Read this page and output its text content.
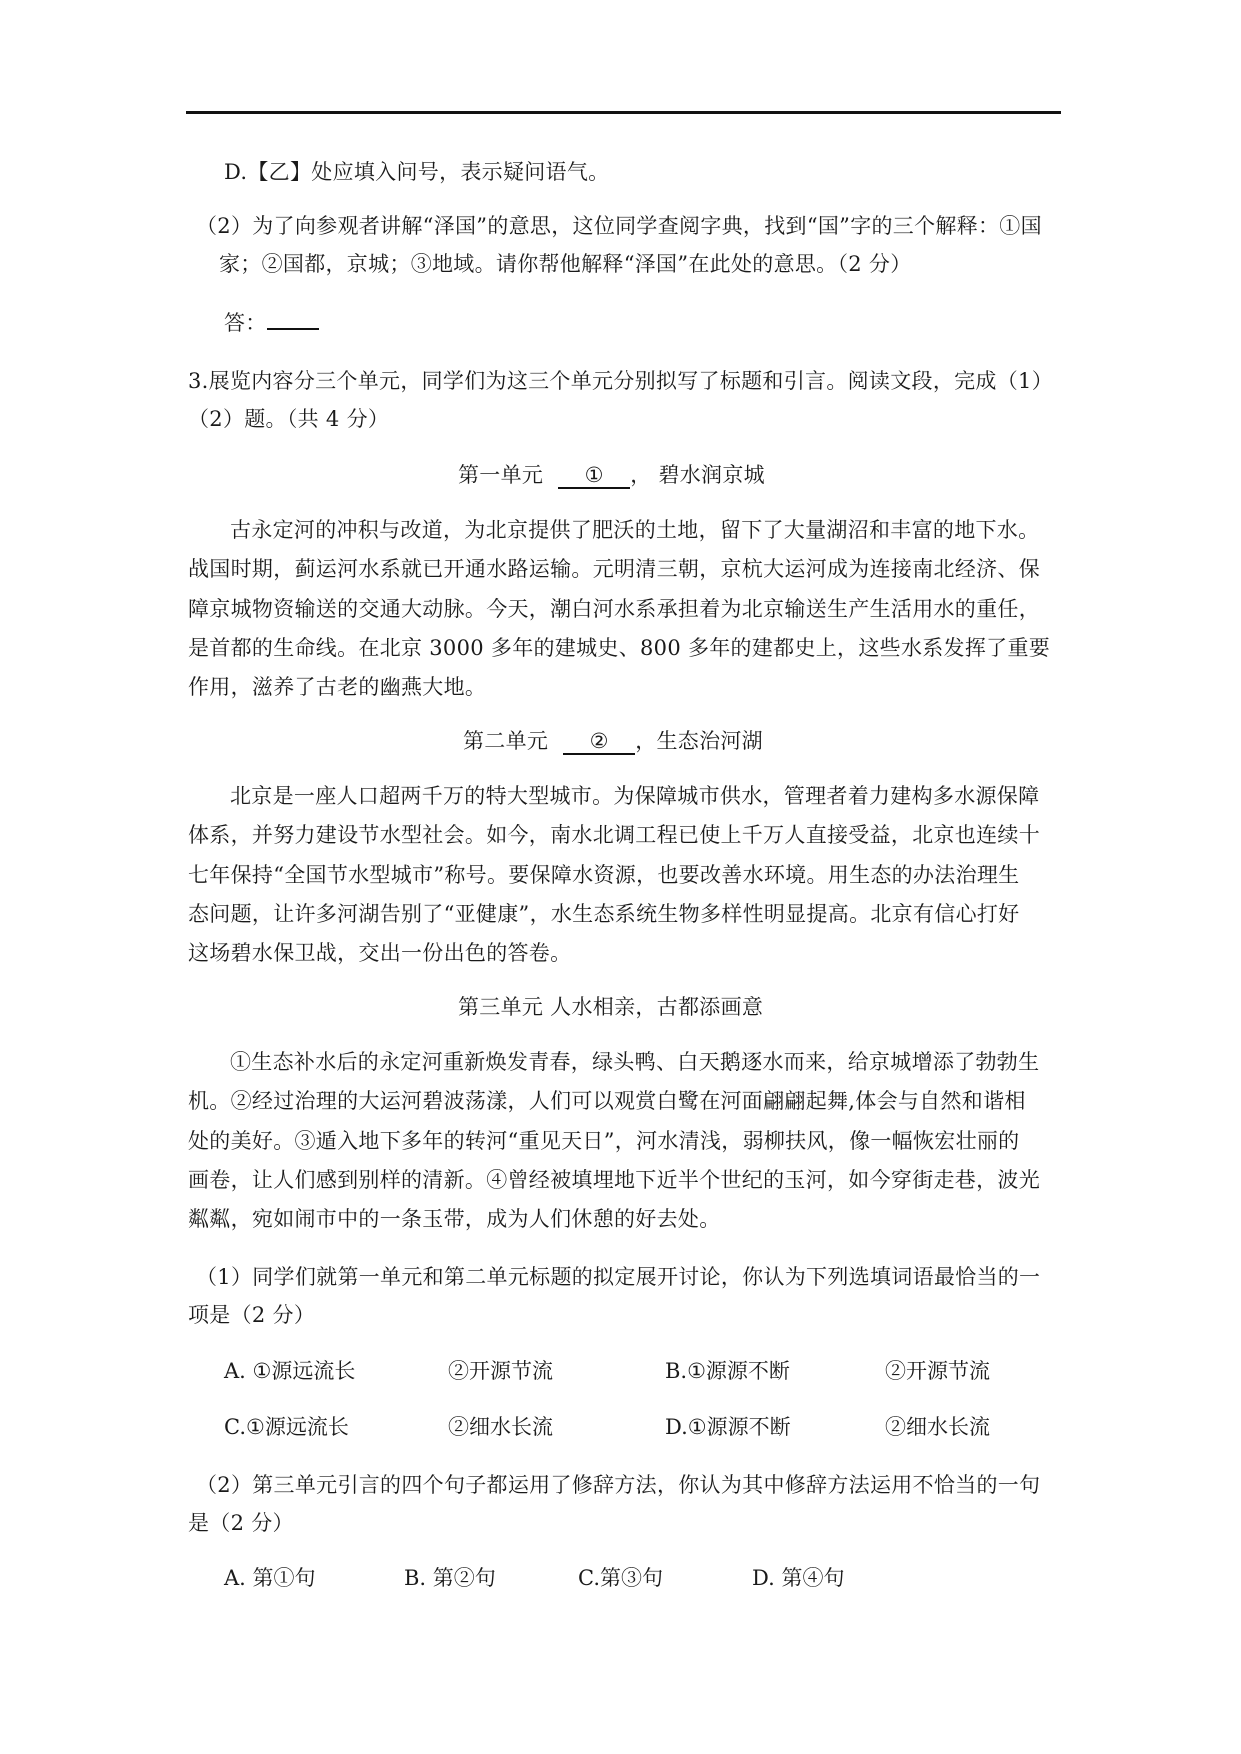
D.【乙】处应填入问号，表示疑问语气。
（2）为了向参观者讲解“泽国”的意思，这位同学查阅字典，找到“国”字的三个解释：①国
家；②国都，京城；③地域。请你帮他解释“泽国”在此处的意思。（2 分）
答：
3.展览内容分三个单元，同学们为这三个单元分别拟写了标题和引言。阅读文段，完成（1）
（2）题。（共 4 分）
第一单元 ① ， 碧水润京城
古永定河的冲积与改道，为北京提供了肥沃的土地，留下了大量湖沼和丰富的地下水。
战国时期，蓟运河水系就已开通水路运输。元明清三朝，京杭大运河成为连接南北经济、保
障京城物资输送的交通大动脉。今天，潮白河水系承担着为北京输送生产生活用水的重任，
是首都的生命线。在北京 3000 多年的建城史、800 多年的建都史上，这些水系发挥了重要
作用，滋养了古老的幽燕大地。
第二单元 ② ，生态治河湖
北京是一座人口超两千万的特大型城市。为保障城市供水，管理者着力建构多水源保障
体系，并努力建设节水型社会。如今，南水北调工程已使上千万人直接受益，北京也连续十
七年保持“全国节水型城市”称号。要保障水资源，也要改善水环境。用生态的办法治理生
态问题，让许多河湖告别了“亚健康”，水生态系统生物多样性明显提高。北京有信心打好
这场碧水保卫战，交出一份出色的答卷。
第三单元 人水相亲，古都添画意
①生态补水后的永定河重新焕发青春，绿头鸭、白天鹅逐水而来，给京城增添了勃勃生
机。②经过治理的大运河碧波荡漾，人们可以观赏白鹭在河面翩翩起舞,体会与自然和谐相
处的美好。③遁入地下多年的转河“重见天日”，河水清浅，弱柳扶风，像一幅恢宏壮丽的
画卷，让人们感到别样的清新。④曾经被填埋地下近半个世纪的玉河，如今穿街走巷，波光
粼粼，宛如闹市中的一条玉带，成为人们休憩的好去处。
（1）同学们就第一单元和第二单元标题的拟定展开讨论，你认为下列选填词语最恰当的一
项是（2 分）
A. ①源远流长	②开源节流	B.①源源不断	②开源节流
C.①源远流长	②细水长流	D.①源源不断	②细水长流
（2）第三单元引言的四个句子都运用了修辞方法，你认为其中修辞方法运用不恰当的一句
是（2 分）
A. 第①句	B. 第②句	C.第③句	D. 第④句
